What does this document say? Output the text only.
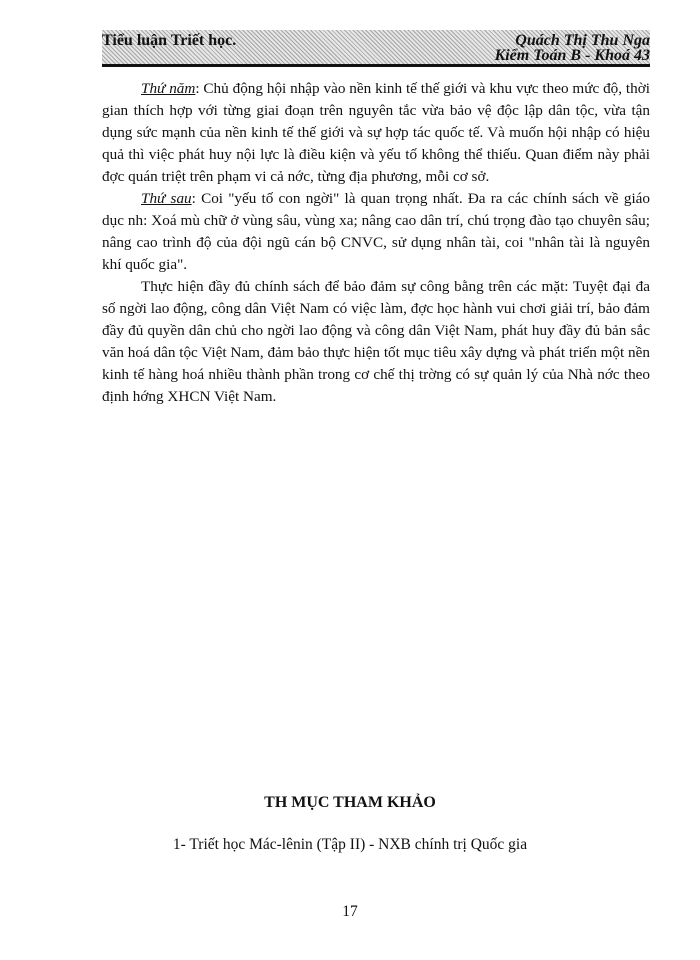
Tiểu luận Triết học.	Quách Thị Thu Nga
Kiểm Toán B - Khoá 43

Thứ năm: Chủ động hội nhập vào nền kinh tế thế giới và khu vực theo mức độ, thời gian thích hợp với từng giai đoạn trên nguyên tắc vừa bảo vệ độc lập dân tộc, vừa tận dụng sức mạnh của nền kinh tế thế giới và sự hợp tác quốc tế. Và muốn hội nhập có hiệu quả thì việc phát huy nội lực là điều kiện và yếu tố không thể thiếu. Quan điểm này phải đợc quán triệt trên phạm vi cả nớc, từng địa phương, mỗi cơ sở.

Thứ sau: Coi "yếu tố con ngời" là quan trọng nhất. Đa ra các chính sách về giáo dục nh: Xoá mù chữ ở vùng sâu, vùng xa; nâng cao dân trí, chú trọng đào tạo chuyên sâu; nâng cao trình độ của đội ngũ cán bộ CNVC, sử dụng nhân tài, coi "nhân tài là nguyên khí quốc gia".

Thực hiện đầy đủ chính sách để bảo đảm sự công bằng trên các mặt: Tuyệt đại đa số ngời lao động, công dân Việt Nam có việc làm, đợc học hành vui chơi giải trí, bảo đảm đầy đủ quyền dân chủ cho ngời lao động và công dân Việt Nam, phát huy đầy đủ bản sắc văn hoá dân tộc Việt Nam, đảm bảo thực hiện tốt mục tiêu xây dựng và phát triển một nền kinh tế hàng hoá nhiều thành phần trong cơ chế thị trờng có sự quản lý của Nhà nớc theo định hớng XHCN Việt Nam.

TH MỤC THAM KHẢO
1- Triết học Mác-lênin (Tập II) - NXB chính trị Quốc gia
17
